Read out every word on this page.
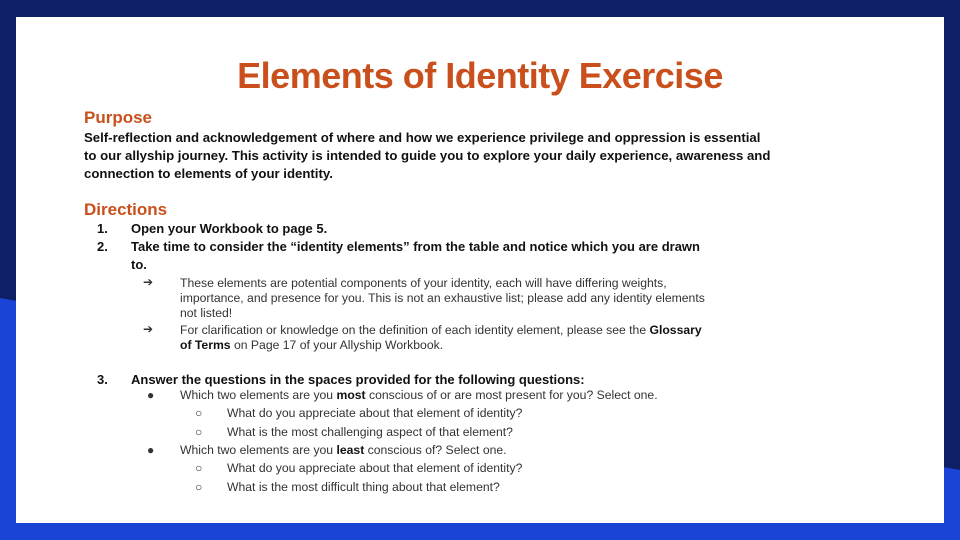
Elements of Identity Exercise
Purpose
Self-reflection and acknowledgement of where and how we experience privilege and oppression is essential to our allyship journey. This activity is intended to guide you to explore your daily experience, awareness and connection to elements of your identity.
Directions
1. Open your Workbook to page 5.
2. Take time to consider the “identity elements” from the table and notice which you are drawn
to.
➔ These elements are potential components of your identity, each will have differing weights,
importance, and presence for you. This is not an exhaustive list; please add any identity elements
not listed!
➔ For clarification or knowledge on the definition of each identity element, please see the Glossary
of Terms on Page 17 of your Allyship Workbook.
3. Answer the questions in the spaces provided for the following questions:
● Which two elements are you most conscious of or are most present for you? Select one.
○ What do you appreciate about that element of identity?
○ What is the most challenging aspect of that element?
● Which two elements are you least conscious of? Select one.
○ What do you appreciate about that element of identity?
○ What is the most difficult thing about that element?
